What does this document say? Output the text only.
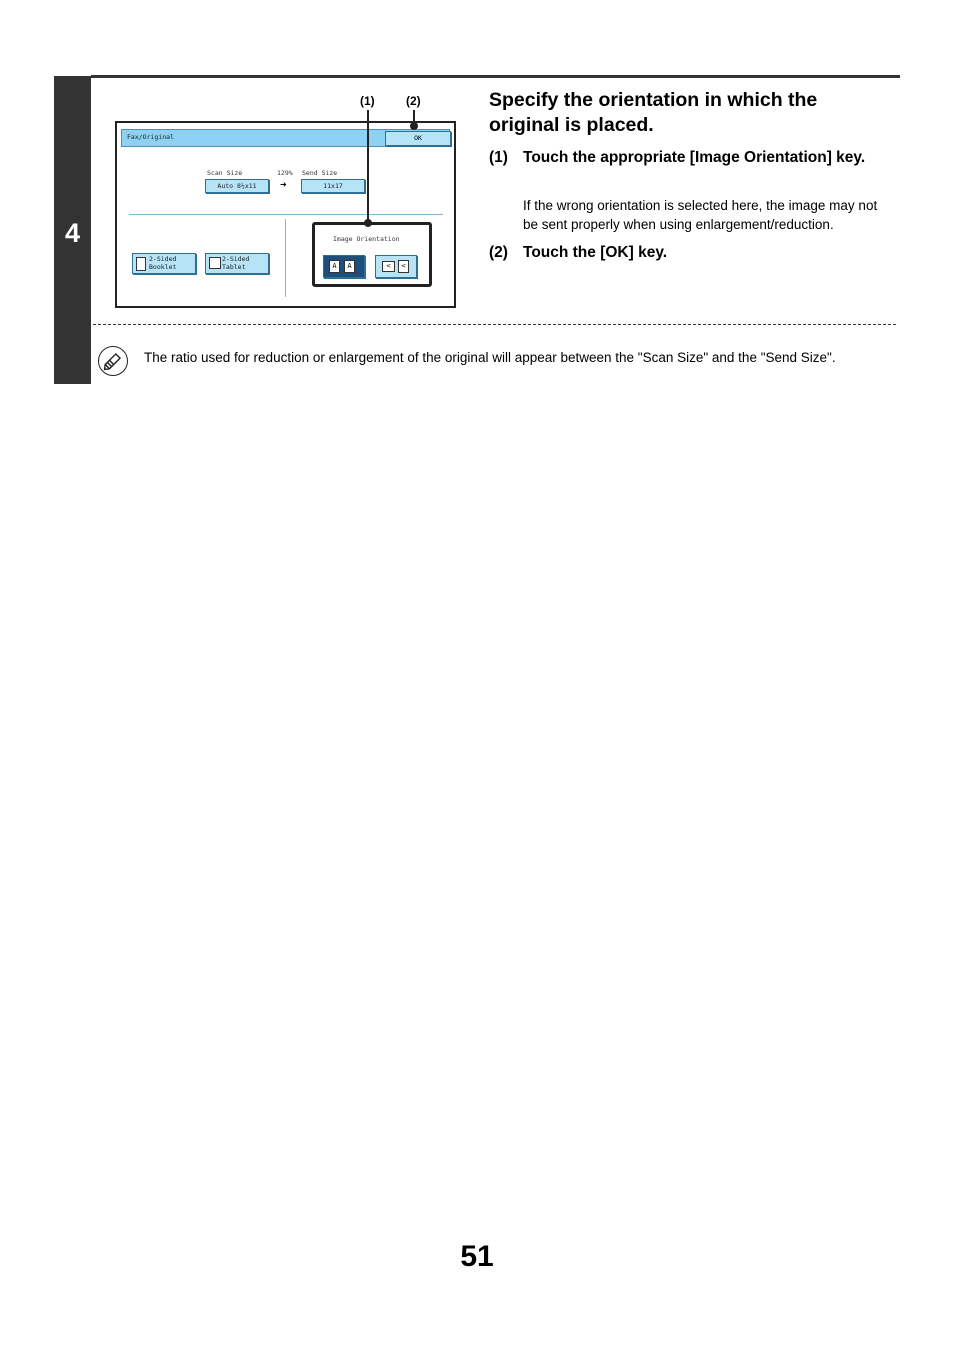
4
Fax/Original	OK
Scan Size	129% Send Size
Auto 8½x11	➜	11x17
2-Sided
Booklet
2-Sided
Tablet
Image Orientation
A	A	<	<
(1)	(2)	Specify the orientation in which the original is placed.
(1) Touch the appropriate [Image Orientation] key.
If the wrong orientation is selected here, the image may not be sent properly when using enlargement/reduction.
(2) Touch the [OK] key.
The ratio used for reduction or enlargement of the original will appear between the "Scan Size" and the "Send Size".
51
